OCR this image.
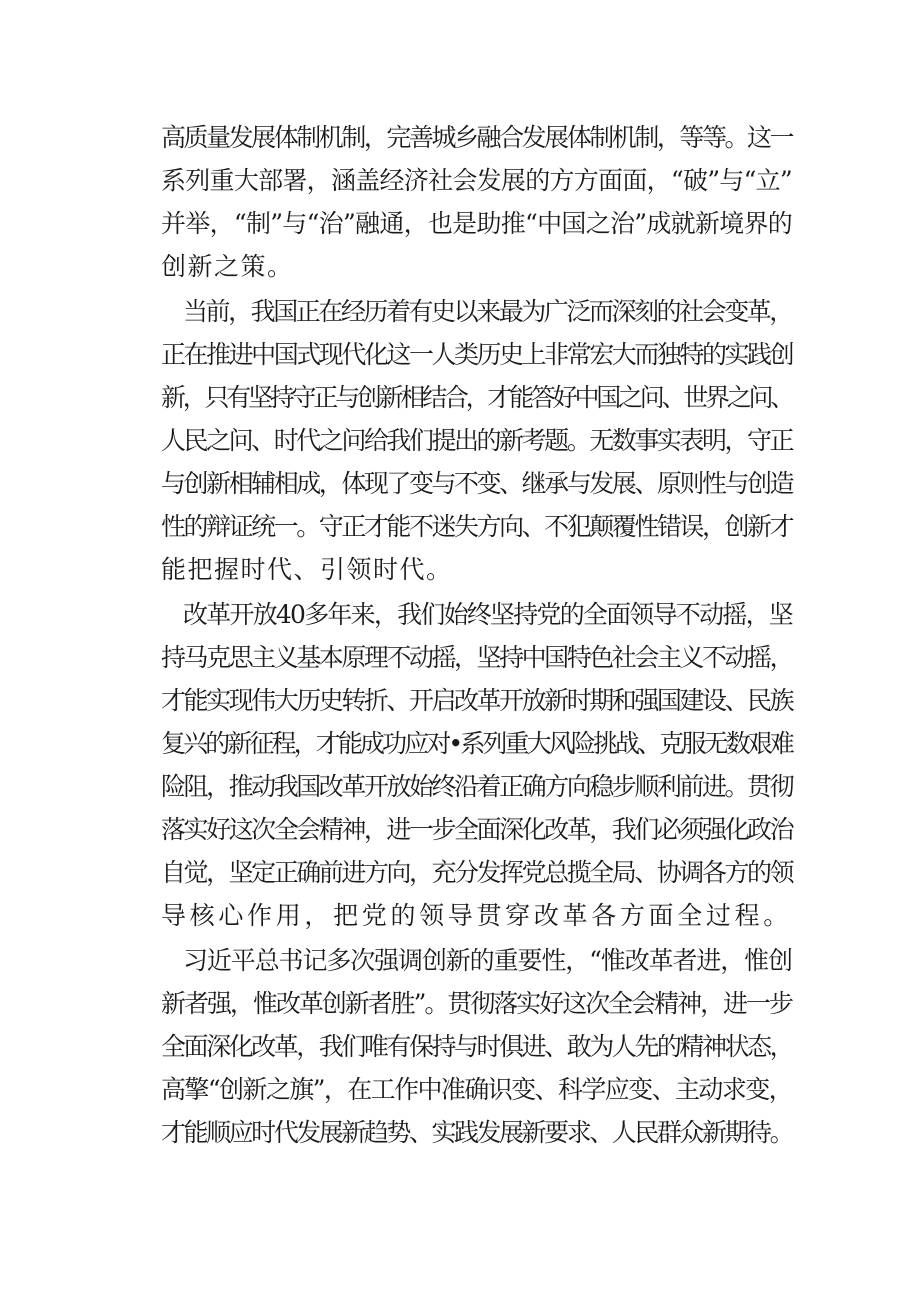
高质量发展体制机制，完善城乡融合发展体制机制，等等。这一
系列重大部署，涵盖经济社会发展的方方面面，“破”与“立”
并举，“制”与“治”融通，也是助推“中国之治”成就新境界的
创新之策。
当前，我国正在经历着有史以来最为广泛而深刻的社会变革，
正在推进中国式现代化这一人类历史上非常宏大而独特的实践创
新，只有坚持守正与创新相结合，才能答好中国之问、世界之问、
人民之问、时代之问给我们提出的新考题。无数事实表明，守正
与创新相辅相成，体现了变与不变、继承与发展、原则性与创造
性的辩证统一。守正才能不迷失方向、不犯颠覆性错误，创新才
能把握时代、引领时代。
改革开放40多年来，我们始终坚持党的全面领导不动摇，坚
持马克思主义基本原理不动摇，坚持中国特色社会主义不动摇，
才能实现伟大历史转折、开启改革开放新时期和强国建设、民族
复兴的新征程，才能成功应对•系列重大风险挑战、克服无数艰难
险阻，推动我国改革开放始终沿着正确方向稳步顺利前进。贯彻
落实好这次全会精神，进一步全面深化改革，我们必须强化政治
自觉，坚定正确前进方向，充分发挥党总揽全局、协调各方的领
导核心作用，把党的领导贯穿改革各方面全过程。
习近平总书记多次强调创新的重要性，“惟改革者进，惟创
新者强，惟改革创新者胜”。贯彻落实好这次全会精神，进一步
全面深化改革，我们唯有保持与时俱进、敢为人先的精神状态，
高擎“创新之旗”，在工作中准确识变、科学应变、主动求变，
才能顺应时代发展新趋势、实践发展新要求、人民群众新期待。
